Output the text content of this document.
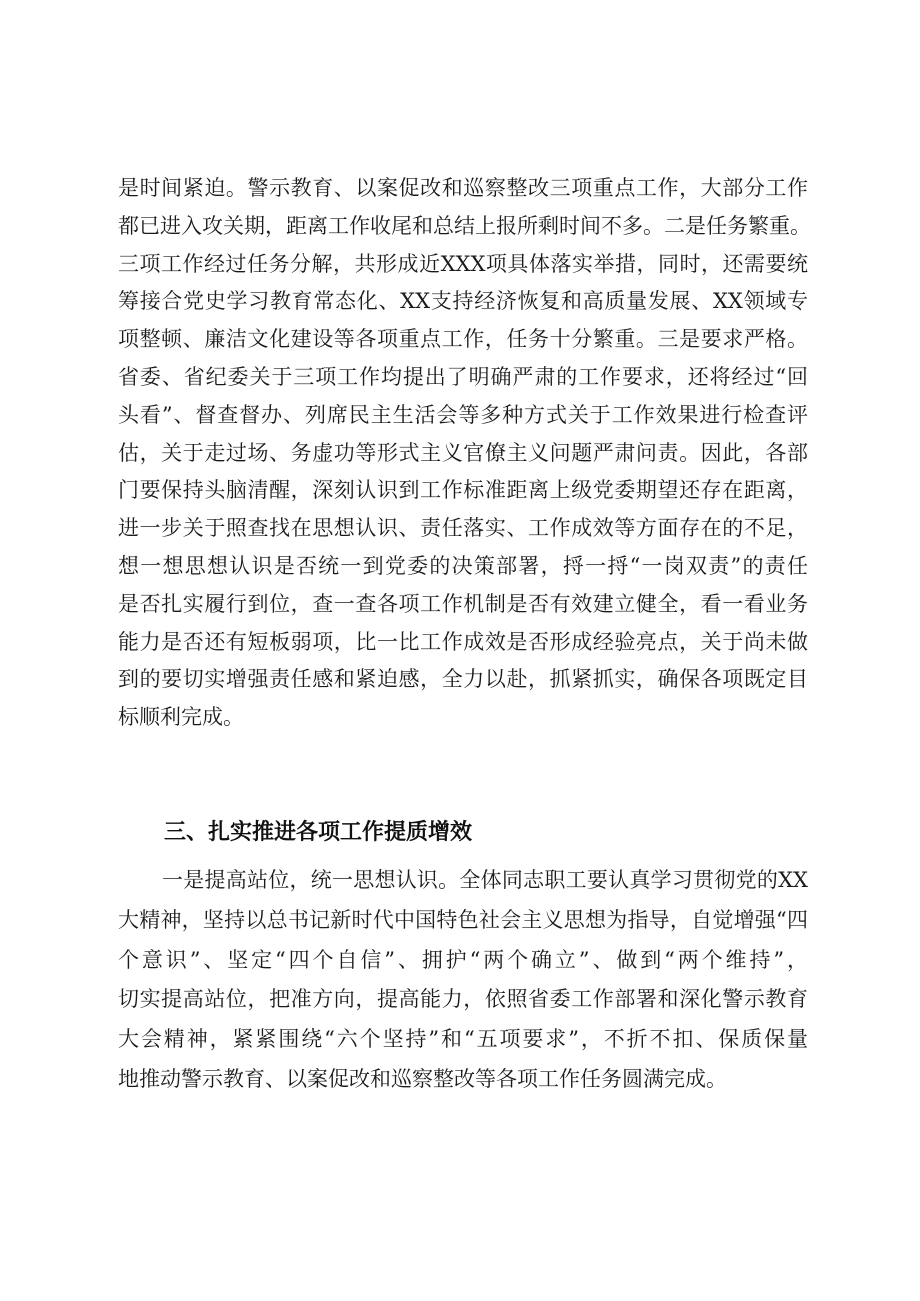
是时间紧迫。警示教育、以案促改和巡察整改三项重点工作，大部分工作
都已进入攻关期，距离工作收尾和总结上报所剩时间不多。二是任务繁重。
三项工作经过任务分解，共形成近XXX项具体落实举措，同时，还需要统
筹接合党史学习教育常态化、XX支持经济恢复和高质量发展、XX领域专
项整顿、廉洁文化建设等各项重点工作，任务十分繁重。三是要求严格。
省委、省纪委关于三项工作均提出了明确严肃的工作要求，还将经过“回
头看”、督查督办、列席民主生活会等多种方式关于工作效果进行检查评
估，关于走过场、务虚功等形式主义官僚主义问题严肃问责。因此，各部
门要保持头脑清醒，深刻认识到工作标准距离上级党委期望还存在距离，
进一步关于照查找在思想认识、责任落实、工作成效等方面存在的不足，
想一想思想认识是否统一到党委的决策部署，捋一捋“一岗双责”的责任
是否扎实履行到位，查一查各项工作机制是否有效建立健全，看一看业务
能力是否还有短板弱项，比一比工作成效是否形成经验亮点，关于尚未做
到的要切实增强责任感和紧迫感，全力以赴，抓紧抓实，确保各项既定目
标顺利完成。
三、扎实推进各项工作提质增效
一是提高站位，统一思想认识。全体同志职工要认真学习贯彻党的XX
大精神，坚持以总书记新时代中国特色社会主义思想为指导，自觉增强“四
个意识”、坚定“四个自信”、拥护“两个确立”、做到“两个维持”，
切实提高站位，把准方向，提高能力，依照省委工作部署和深化警示教育
大会精神，紧紧围绕“六个坚持”和“五项要求”，不折不扣、保质保量
地推动警示教育、以案促改和巡察整改等各项工作任务圆满完成。
